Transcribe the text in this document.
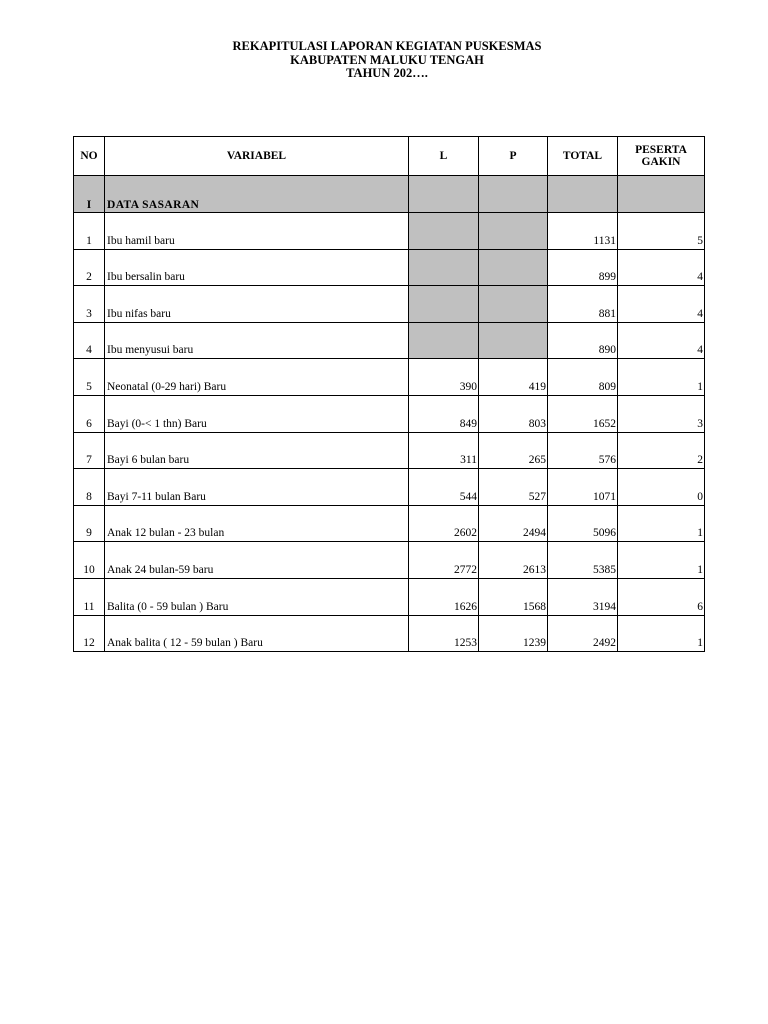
REKAPITULASI LAPORAN KEGIATAN PUSKESMAS
KABUPATEN MALUKU TENGAH
TAHUN 202….
NO	VARIABEL	L	P	TOTAL	PESERTA
GAKIN

I	DATA SASARAN				
1	Ibu hamil baru			1131	5
2	Ibu bersalin baru			899	4
3	Ibu nifas baru			881	4
4	Ibu menyusui baru			890	4
5	Neonatal (0-29 hari) Baru	390	419	809	1
6	Bayi (0-< 1 thn) Baru	849	803	1652	3
7	Bayi 6 bulan baru	311	265	576	2
8	Bayi 7-11 bulan Baru	544	527	1071	0
9	Anak 12 bulan - 23 bulan	2602	2494	5096	1
10	Anak 24 bulan-59 baru	2772	2613	5385	1
11	Balita (0 - 59 bulan ) Baru	1626	1568	3194	6
12	Anak balita ( 12 - 59 bulan ) Baru	1253	1239	2492	1
